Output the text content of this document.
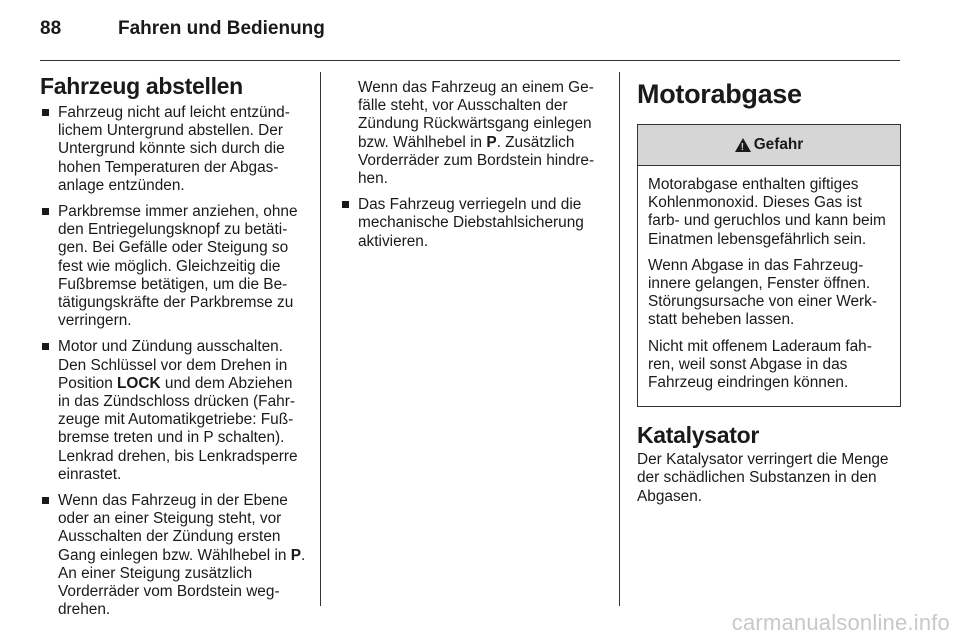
88	Fahren und Bedienung
Fahrzeug abstellen
Fahrzeug nicht auf leicht entzündlichem Untergrund abstellen. Der Untergrund könnte sich durch die hohen Temperaturen der Abgasanlage entzünden.
Parkbremse immer anziehen, ohne den Entriegelungsknopf zu betätigen. Bei Gefälle oder Steigung so fest wie möglich. Gleichzeitig die Fußbremse betätigen, um die Betätigungskräfte der Parkbremse zu verringern.
Motor und Zündung ausschalten. Den Schlüssel vor dem Drehen in Position LOCK und dem Abziehen in das Zündschloss drücken (Fahrzeuge mit Automatikgetriebe: Fußbremse treten und in P schalten). Lenkrad drehen, bis Lenkradsperre einrastet.
Wenn das Fahrzeug in der Ebene oder an einer Steigung steht, vor Ausschalten der Zündung ersten Gang einlegen bzw. Wählhebel in P. An einer Steigung zusätzlich Vorderräder vom Bordstein wegdrehen.
Wenn das Fahrzeug an einem Gefälle steht, vor Ausschalten der Zündung Rückwärtsgang einlegen bzw. Wählhebel in P. Zusätzlich Vorderräder zum Bordstein hindrehen.
Das Fahrzeug verriegeln und die mechanische Diebstahlsicherung aktivieren.
Motorabgase
!
Gefahr

Motorabgase enthalten giftiges Kohlenmonoxid. Dieses Gas ist farb- und geruchlos und kann beim Einatmen lebensgefährlich sein.

Wenn Abgase in das Fahrzeuginnere gelangen, Fenster öffnen. Störungsursache von einer Werkstatt beheben lassen.

Nicht mit offenem Laderaum fahren, weil sonst Abgase in das Fahrzeug eindringen können.

Katalysator

Der Katalysator verringert die Menge der schädlichen Substanzen in den Abgasen.

carmanualsonline.info
